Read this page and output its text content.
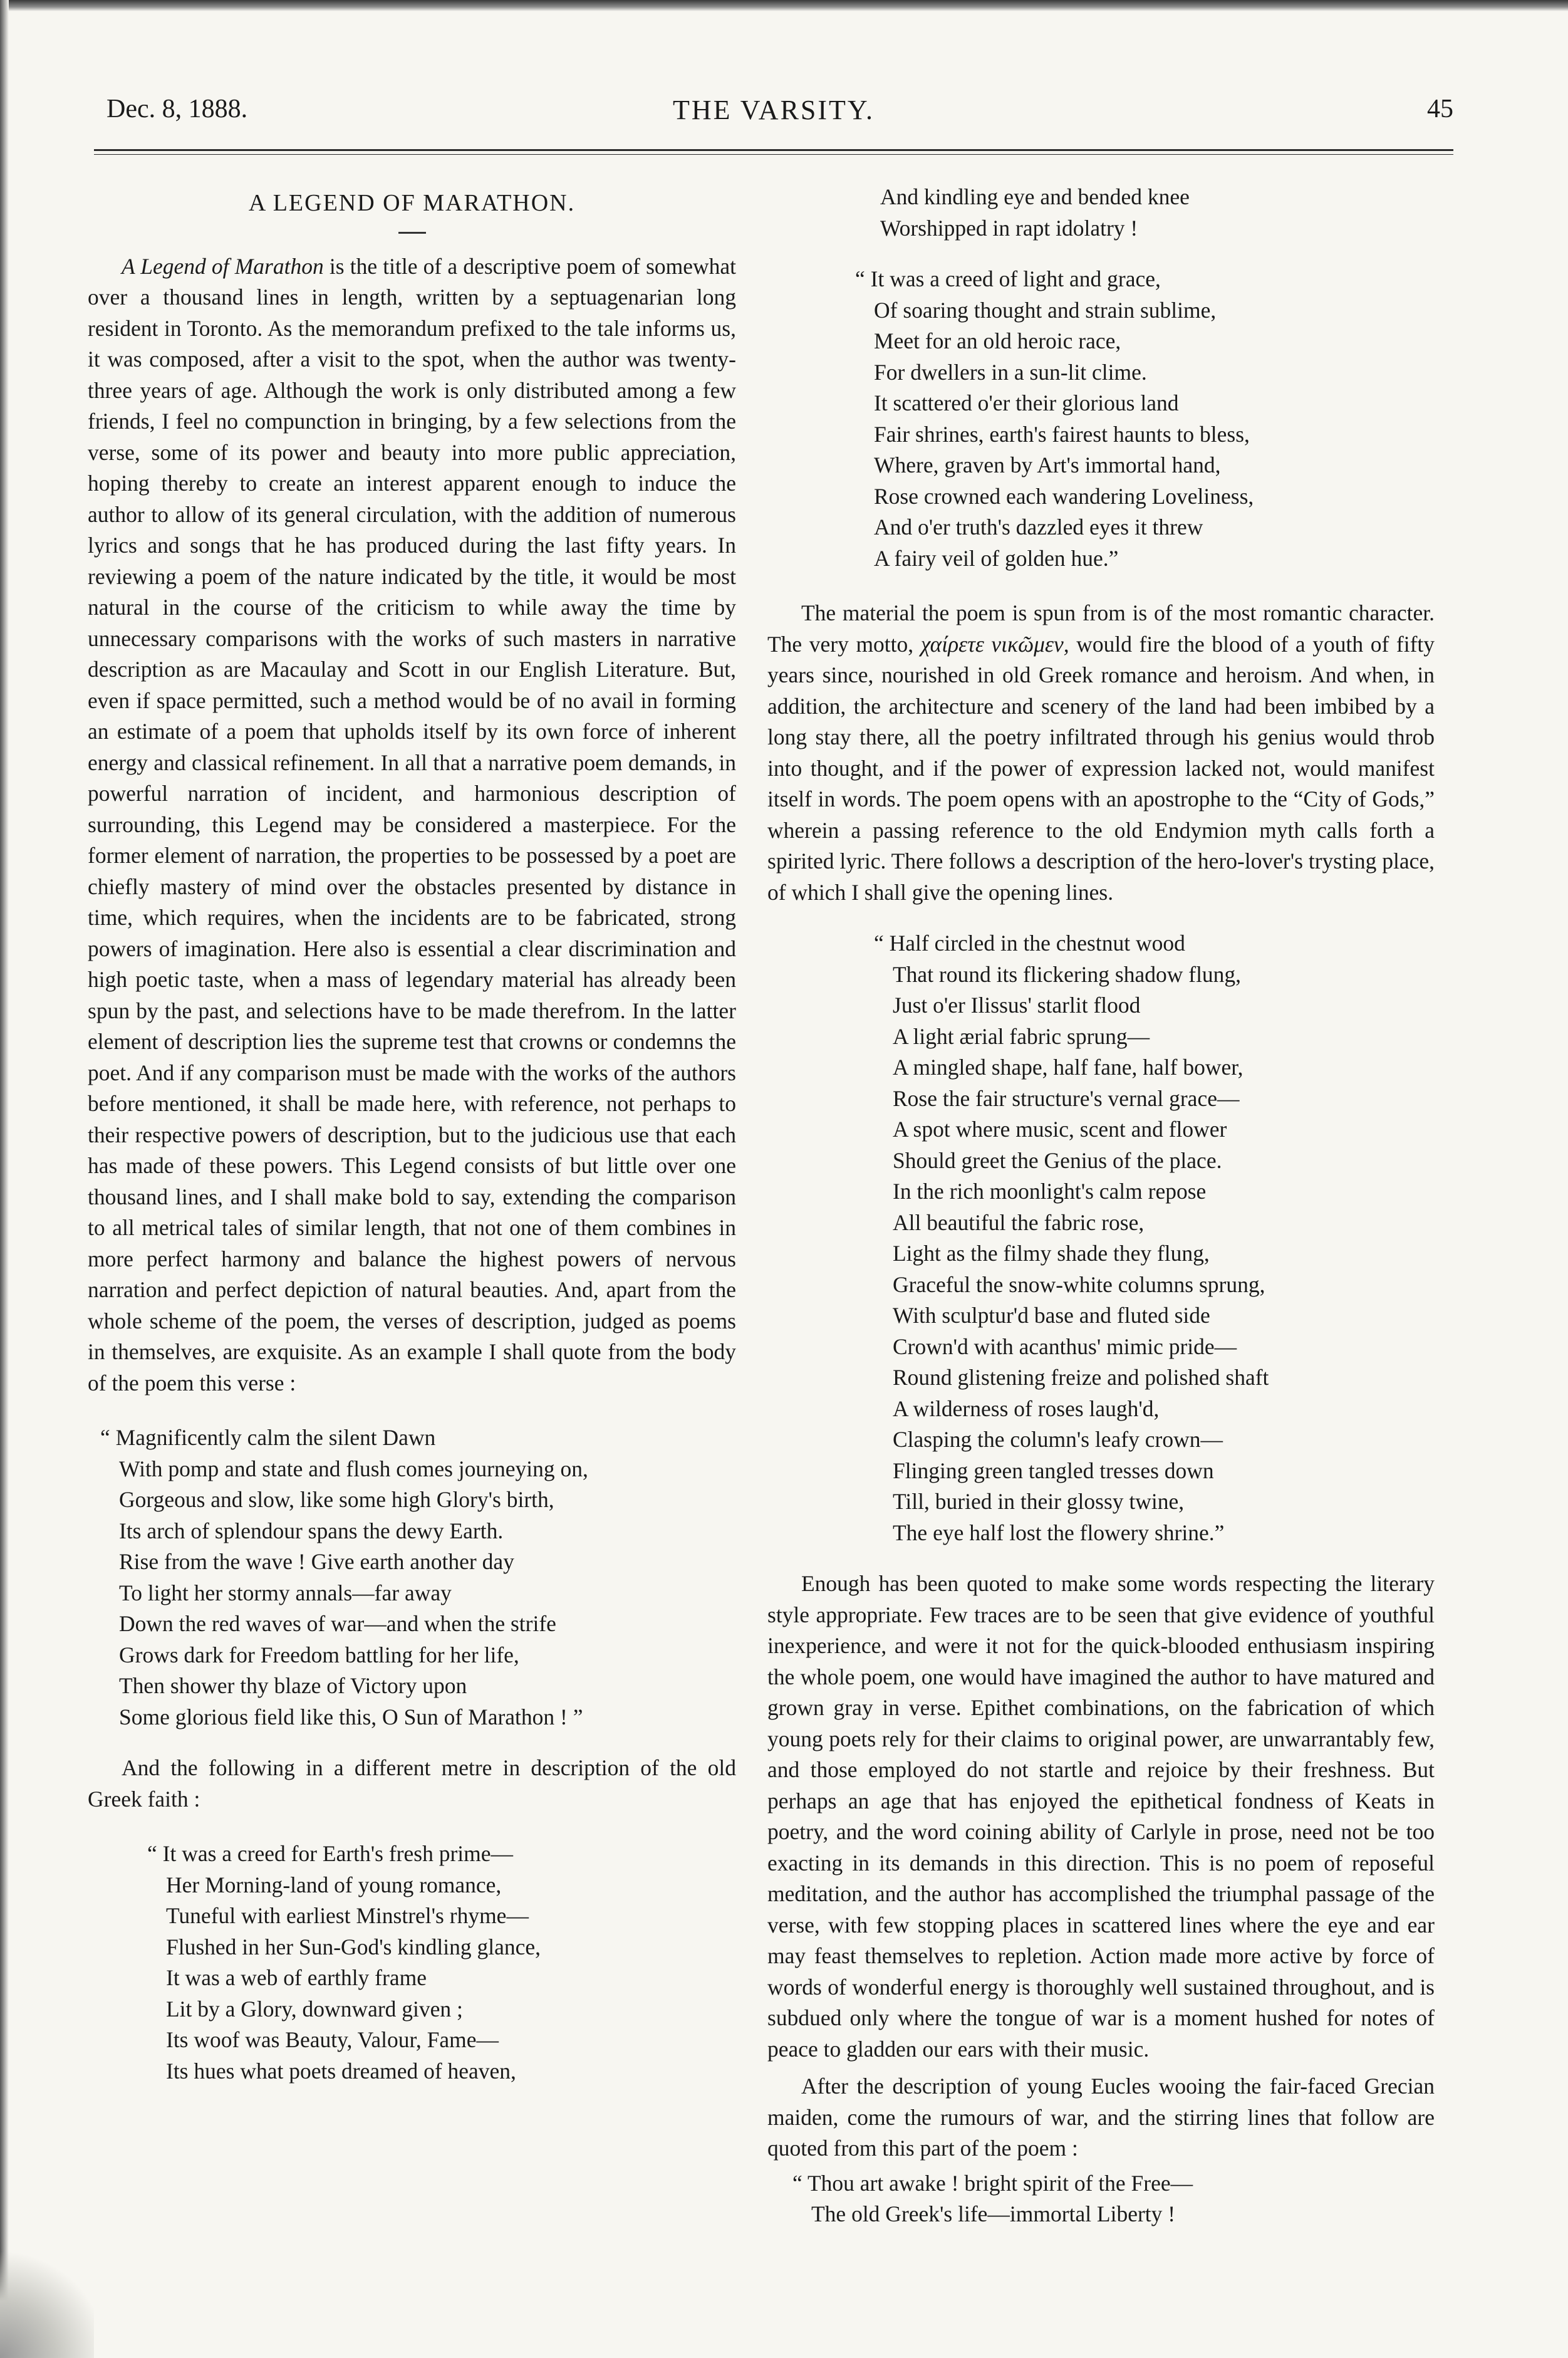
Dec. 8, 1888.	THE VARSITY.	45
A LEGEND OF MARATHON.

A Legend of Marathon is the title of a descriptive poem of somewhat over a thousand lines in length, written by a septuagenarian long resident in Toronto. As the memorandum prefixed to the tale informs us, it was composed, after a visit to the spot, when the author was twenty-three years of age. Although the work is only distributed among a few friends, I feel no compunction in bringing, by a few selections from the verse, some of its power and beauty into more public appreciation, hoping thereby to create an interest apparent enough to induce the author to allow of its general circulation, with the addition of numerous lyrics and songs that he has produced during the last fifty years. In reviewing a poem of the nature indicated by the title, it would be most natural in the course of the criticism to while away the time by unnecessary comparisons with the works of such masters in narrative description as are Macaulay and Scott in our English Literature. But, even if space permitted, such a method would be of no avail in forming an estimate of a poem that upholds itself by its own force of inherent energy and classical refinement. In all that a narrative poem demands, in powerful narration of incident, and harmonious description of surrounding, this Legend may be considered a masterpiece. For the former element of narration, the properties to be possessed by a poet are chiefly mastery of mind over the obstacles presented by distance in time, which requires, when the incidents are to be fabricated, strong powers of imagination. Here also is essential a clear discrimination and high poetic taste, when a mass of legendary material has already been spun by the past, and selections have to be made therefrom. In the latter element of description lies the supreme test that crowns or condemns the poet. And if any comparison must be made with the works of the authors before mentioned, it shall be made here, with reference, not perhaps to their respective powers of description, but to the judicious use that each has made of these powers. This Legend consists of but little over one thousand lines, and I shall make bold to say, extending the comparison to all metrical tales of similar length, that not one of them combines in more perfect harmony and balance the highest powers of nervous narration and perfect depiction of natural beauties. And, apart from the whole scheme of the poem, the verses of description, judged as poems in themselves, are exquisite. As an example I shall quote from the body of the poem this verse :

“ Magnificently calm the silent Dawn
With pomp and state and flush comes journeying on,
Gorgeous and slow, like some high Glory's birth,
Its arch of splendour spans the dewy Earth.
Rise from the wave ! Give earth another day
To light her stormy annals—far away
Down the red waves of war—and when the strife
Grows dark for Freedom battling for her life,
Then shower thy blaze of Victory upon
Some glorious field like this, O Sun of Marathon ! ”

And the following in a different metre in description of the old Greek faith :

“ It was a creed for Earth's fresh prime—
Her Morning-land of young romance,
Tuneful with earliest Minstrel's rhyme—
Flushed in her Sun-God's kindling glance,
It was a web of earthly frame
Lit by a Glory, downward given ;
Its woof was Beauty, Valour, Fame—
Its hues what poets dreamed of heaven,
And kindling eye and bended knee
Worshipped in rapt idolatry !
“ It was a creed of light and grace,
Of soaring thought and strain sublime,
Meet for an old heroic race,
For dwellers in a sun-lit clime.
It scattered o'er their glorious land
Fair shrines, earth's fairest haunts to bless,
Where, graven by Art's immortal hand,
Rose crowned each wandering Loveliness,
And o'er truth's dazzled eyes it threw
A fairy veil of golden hue.”

The material the poem is spun from is of the most romantic character. The very motto, χαίρετε νικῶμεν, would fire the blood of a youth of fifty years since, nourished in old Greek romance and heroism. And when, in addition, the architecture and scenery of the land had been imbibed by a long stay there, all the poetry infiltrated through his genius would throb into thought, and if the power of expression lacked not, would manifest itself in words. The poem opens with an apostrophe to the “City of Gods,” wherein a passing reference to the old Endymion myth calls forth a spirited lyric. There follows a description of the hero-lover's trysting place, of which I shall give the opening lines.

“ Half circled in the chestnut wood
That round its flickering shadow flung,
Just o'er Ilissus' starlit flood
A light ærial fabric sprung—
A mingled shape, half fane, half bower,
Rose the fair structure's vernal grace—
A spot where music, scent and flower
Should greet the Genius of the place.
In the rich moonlight's calm repose
All beautiful the fabric rose,
Light as the filmy shade they flung,
Graceful the snow-white columns sprung,
With sculptur'd base and fluted side
Crown'd with acanthus' mimic pride—
Round glistening freize and polished shaft
A wilderness of roses laugh'd,
Clasping the column's leafy crown—
Flinging green tangled tresses down
Till, buried in their glossy twine,
The eye half lost the flowery shrine.”

Enough has been quoted to make some words respecting the literary style appropriate. Few traces are to be seen that give evidence of youthful inexperience, and were it not for the quick-blooded enthusiasm inspiring the whole poem, one would have imagined the author to have matured and grown gray in verse. Epithet combinations, on the fabrication of which young poets rely for their claims to original power, are unwarrantably few, and those employed do not startle and rejoice by their freshness. But perhaps an age that has enjoyed the epithetical fondness of Keats in poetry, and the word coining ability of Carlyle in prose, need not be too exacting in its demands in this direction. This is no poem of reposeful meditation, and the author has accomplished the triumphal passage of the verse, with few stopping places in scattered lines where the eye and ear may feast themselves to repletion. Action made more active by force of words of wonderful energy is thoroughly well sustained throughout, and is subdued only where the tongue of war is a moment hushed for notes of peace to gladden our ears with their music.

After the description of young Eucles wooing the fair-faced Grecian maiden, come the rumours of war, and the stirring lines that follow are quoted from this part of the poem :

“ Thou art awake ! bright spirit of the Free—
The old Greek's life—immortal Liberty !
